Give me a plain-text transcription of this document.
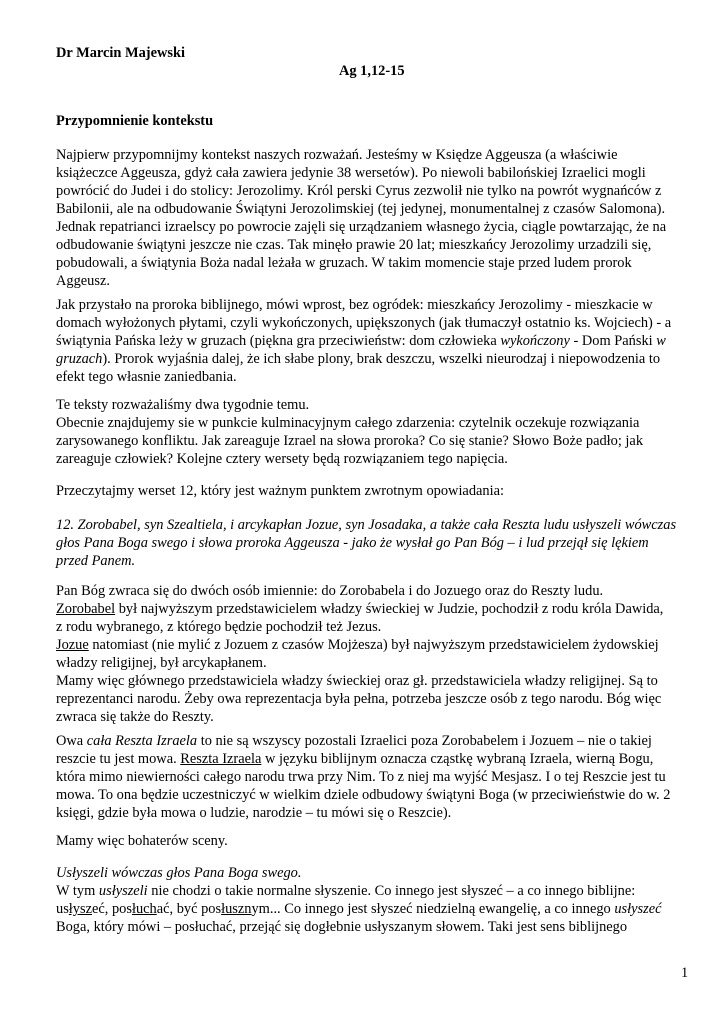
Dr Marcin Majewski
Ag 1,12-15
Przypomnienie kontekstu
Najpierw przypomnijmy kontekst naszych rozważań. Jesteśmy w Księdze Aggeusza (a właściwie
książeczce Aggeusza, gdyż cała zawiera jedynie 38 wersetów). Po niewoli babilońskiej Izraelici mogli
powrócić do Judei i do stolicy: Jerozolimy. Król perski Cyrus zezwolił nie tylko na powrót wygnańców z
Babilonii, ale na odbudowanie Świątyni Jerozolimskiej (tej jedynej, monumentalnej z czasów Salomona).
Jednak repatrianci izraelscy po powrocie zajęli się urządzaniem własnego życia, ciągle powtarzając, że na
odbudowanie świątyni jeszcze nie czas. Tak minęło prawie 20 lat; mieszkańcy Jerozolimy urzadzili się,
pobudowali, a świątynia Boża nadal leżała w gruzach. W takim momencie staje przed ludem prorok
Aggeusz.
Jak przystało na proroka biblijnego, mówi wprost, bez ogródek: mieszkańcy Jerozolimy - mieszkacie w
domach wyłożonych płytami, czyli wykończonych, upiększonych (jak tłumaczył ostatnio ks. Wojciech) - a
świątynia Pańska leży w gruzach (piękna gra przeciwieństw: dom człowieka wykończony - Dom Pański w
gruzach). Prorok wyjaśnia dalej, że ich słabe plony, brak deszczu, wszelki nieurodzaj i niepowodzenia to
efekt tego własnie zaniedbania.
Te teksty rozważaliśmy dwa tygodnie temu.
Obecnie znajdujemy sie w punkcie kulminacyjnym całego zdarzenia: czytelnik oczekuje rozwiązania
zarysowanego konfliktu. Jak zareaguje Izrael na słowa proroka? Co się stanie? Słowo Boże padło; jak
zareaguje człowiek? Kolejne cztery wersety będą rozwiązaniem tego napięcia.
Przeczytajmy werset 12, który jest ważnym punktem zwrotnym opowiadania:
12. Zorobabel, syn Szealtiela, i arcykapłan Jozue, syn Josadaka, a także cała Reszta ludu usłyszeli wówczas
głos Pana Boga swego i słowa proroka Aggeusza - jako że wysłał go Pan Bóg – i lud przejął się lękiem
przed Panem.
Pan Bóg zwraca się do dwóch osób imiennie: do Zorobabela i do Jozuego oraz do Reszty ludu.
Zorobabel był najwyższym przedstawicielem władzy świeckiej w Judzie, pochodził z rodu króla Dawida,
z rodu wybranego, z którego będzie pochodził też Jezus.
Jozue natomiast (nie mylić z Jozuem z czasów Mojżesza) był najwyższym przedstawicielem żydowskiej
władzy religijnej, był arcykapłanem.
Mamy więc głównego przedstawiciela władzy świeckiej oraz gł. przedstawiciela władzy religijnej. Są to
reprezentanci narodu. Żeby owa reprezentacja była pełna, potrzeba jeszcze osób z tego narodu. Bóg więc
zwraca się także do Reszty.
Owa cała Reszta Izraela to nie są wszyscy pozostali Izraelici poza Zorobabelem i Jozuem – nie o takiej
reszcie tu jest mowa. Reszta Izraela w języku biblijnym oznacza cząstkę wybraną Izraela, wierną Bogu,
która mimo niewierności całego narodu trwa przy Nim. To z niej ma wyjść Mesjasz. I o tej Reszcie jest tu
mowa. To ona będzie uczestniczyć w wielkim dziele odbudowy świątyni Boga (w przeciwieństwie do w. 2
księgi, gdzie była mowa o ludzie, narodzie – tu mówi się o Reszcie).
Mamy więc bohaterów sceny.
Usłyszeli wówczas głos Pana Boga swego.
W tym usłyszeli nie chodzi o takie normalne słyszenie. Co innego jest słyszeć – a co innego biblijne:
usłyszeć, posłuchać, być posłusznym... Co innego jest słyszeć niedzielną ewangelię, a co innego usłyszeć
Boga, który mówi – posłuchać, przejąć się dogłebnie usłyszanym słowem. Taki jest sens biblijnego
1
